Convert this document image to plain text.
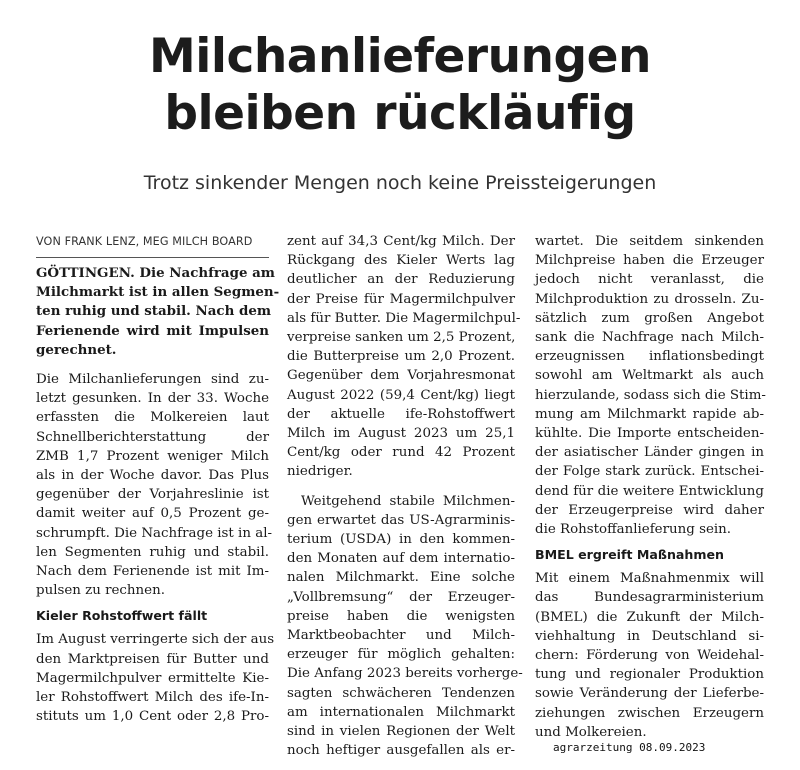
Milchanlieferungen
bleiben rückläufig
Trotz sinkender Mengen noch keine Preissteigerungen
VON FRANK LENZ, MEG MILCH BOARD
GÖTTINGEN. Die Nachfrage am
Milchmarkt ist in allen Segmen-
ten ruhig und stabil. Nach dem
Ferienende wird mit Impulsen
gerechnet.
Die Milchanlieferungen sind zu-
letzt gesunken. In der 33. Woche
erfassten die Molkereien laut
Schnellberichterstattung der
ZMB 1,7 Prozent weniger Milch
als in der Woche davor. Das Plus
gegenüber der Vorjahreslinie ist
damit weiter auf 0,5 Prozent ge-
schrumpft. Die Nachfrage ist in al-
len Segmenten ruhig und stabil.
Nach dem Ferienende ist mit Im-
pulsen zu rechnen.
Kieler Rohstoffwert fällt
Im August verringerte sich der aus
den Marktpreisen für Butter und
Magermilchpulver ermittelte Kie-
ler Rohstoffwert Milch des ife-In-
stituts um 1,0 Cent oder 2,8 Pro-
zent auf 34,3 Cent/kg Milch. Der
Rückgang des Kieler Werts lag
deutlicher an der Reduzierung
der Preise für Magermilchpulver
als für Butter. Die Magermilchpul-
verpreise sanken um 2,5 Prozent,
die Butterpreise um 2,0 Prozent.
Gegenüber dem Vorjahresmonat
August 2022 (59,4 Cent/kg) liegt
der aktuelle ife-Rohstoffwert
Milch im August 2023 um 25,1
Cent/kg oder rund 42 Prozent
niedriger.
Weitgehend stabile Milchmen-
gen erwartet das US-Agrarminis-
terium (USDA) in den kommen-
den Monaten auf dem internatio-
nalen Milchmarkt. Eine solche
„Vollbremsung“ der Erzeuger-
preise haben die wenigsten
Marktbeobachter und Milch-
erzeuger für möglich gehalten:
Die Anfang 2023 bereits vorherge-
sagten schwächeren Tendenzen
am internationalen Milchmarkt
sind in vielen Regionen der Welt
noch heftiger ausgefallen als er-
wartet. Die seitdem sinkenden
Milchpreise haben die Erzeuger
jedoch nicht veranlasst, die
Milchproduktion zu drosseln. Zu-
sätzlich zum großen Angebot
sank die Nachfrage nach Milch-
erzeugnissen inflationsbedingt
sowohl am Weltmarkt als auch
hierzulande, sodass sich die Stim-
mung am Milchmarkt rapide ab-
kühlte. Die Importe entscheiden-
der asiatischer Länder gingen in
der Folge stark zurück. Entschei-
dend für die weitere Entwicklung
der Erzeugerpreise wird daher
die Rohstoffanlieferung sein.
BMEL ergreift Maßnahmen
Mit einem Maßnahmenmix will
das Bundesagrarministerium
(BMEL) die Zukunft der Milch-
viehhaltung in Deutschland si-
chern: Förderung von Weidehal-
tung und regionaler Produktion
sowie Veränderung der Lieferbe-
ziehungen zwischen Erzeugern
und Molkereien.
agrarzeitung 08.09.2023
